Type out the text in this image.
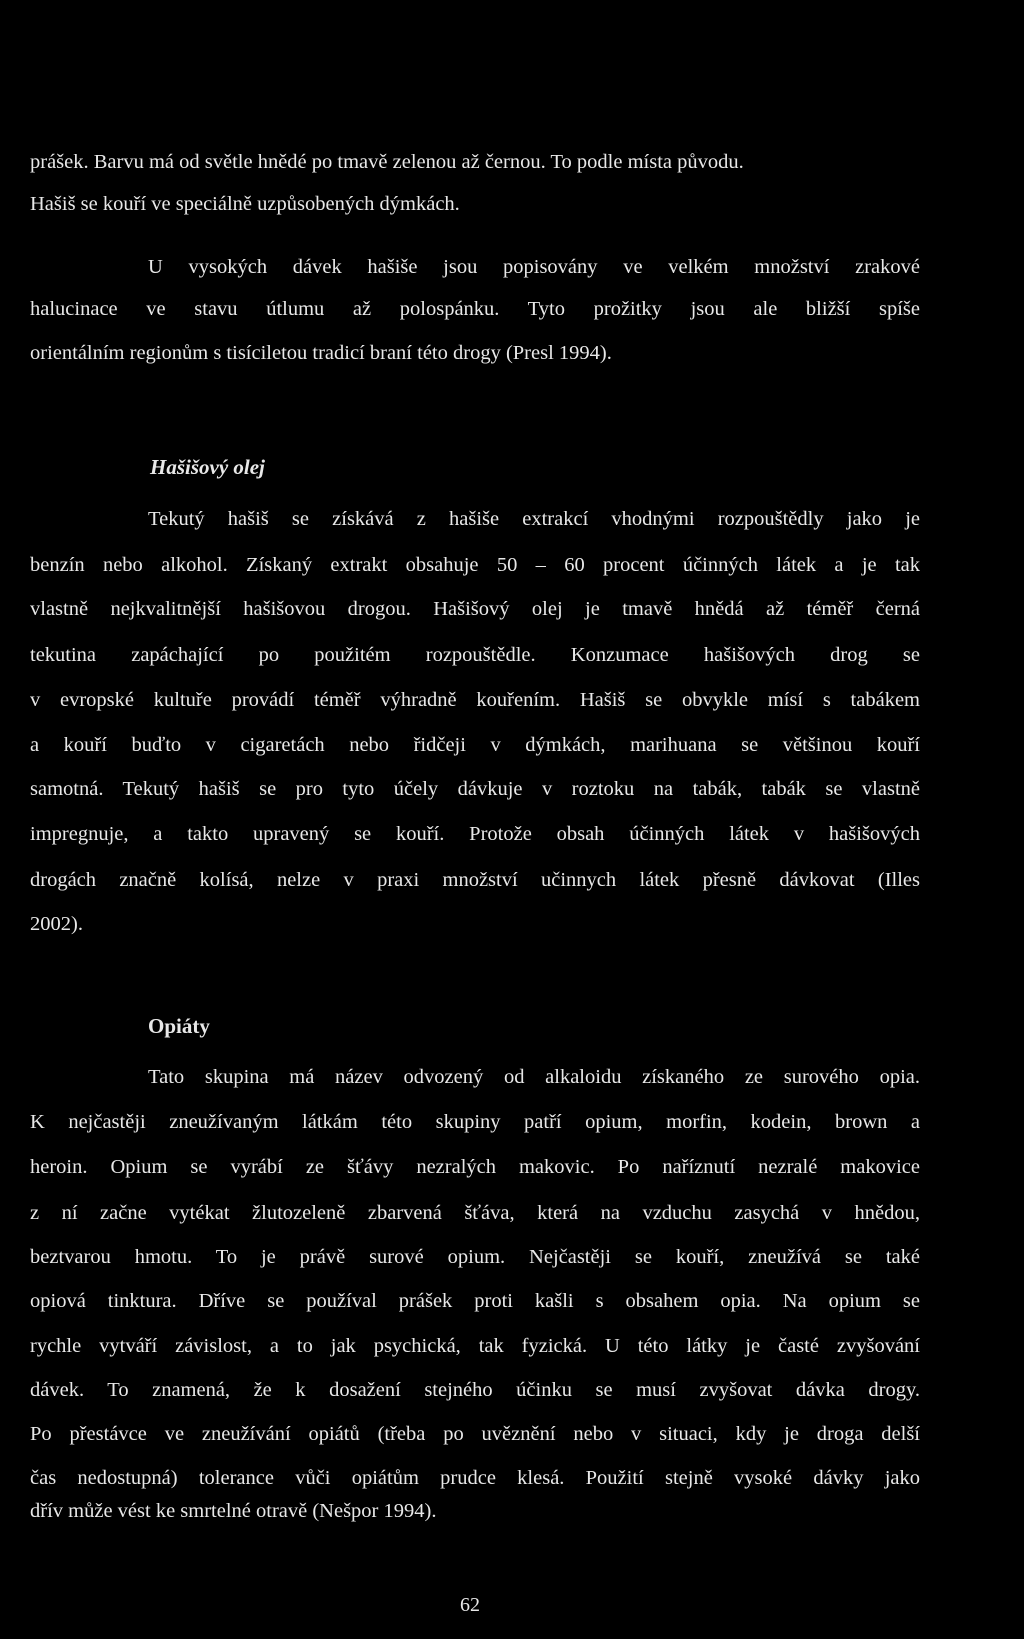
prášek. Barvu má od světle hnědé po tmavě zelenou až černou. To podle místa původu.
Hašiš se kouří ve speciálně uzpůsobených dýmkách.
U vysokých dávek hašiše jsou popisovány ve velkém množství zrakové
halucinace ve stavu útlumu až polospánku. Tyto prožitky jsou ale bližší spíše
orientálním regionům s tisíciletou tradicí braní této drogy (Presl 1994).
Hašišový olej
Tekutý hašiš se získává z hašiše extrakcí vhodnými rozpouštědly jako je
benzín nebo alkohol. Získaný extrakt obsahuje 50 – 60 procent účinných látek a je tak
vlastně nejkvalitnější hašišovou drogou. Hašišový olej je tmavě hnědá až téměř černá
tekutina zapáchající po použitém rozpouštědle. Konzumace hašišových drog se
v evropské kultuře provádí téměř výhradně kouřením. Hašiš se obvykle mísí s tabákem
a kouří buďto v cigaretách nebo řidčeji v dýmkách, marihuana se většinou kouří
samotná. Tekutý hašiš se pro tyto účely dávkuje v roztoku na tabák, tabák se vlastně
impregnuje, a takto upravený se kouří. Protože obsah účinných látek v hašišových
drogách značně kolísá, nelze v praxi množství učinnych látek přesně dávkovat (Illes
2002).
Opiáty
Tato skupina má název odvozený od alkaloidu získaného ze surového opia.
K nejčastěji zneužívaným látkám této skupiny patří opium, morfin, kodein, brown a
heroin. Opium se vyrábí ze šťávy nezralých makovic. Po naříznutí nezralé makovice
z ní začne vytékat žlutozeleně zbarvená šťáva, která na vzduchu zasychá v hnědou,
beztvarou hmotu. To je právě surové opium. Nejčastěji se kouří, zneužívá se také
opiová tinktura. Dříve se používal prášek proti kašli s obsahem opia. Na opium se
rychle vytváří závislost, a to jak psychická, tak fyzická. U této látky je časté zvyšování
dávek. To znamená, že k dosažení stejného účinku se musí zvyšovat dávka drogy.
Po přestávce ve zneužívání opiátů (třeba po uvěznění nebo v situaci, kdy je droga delší
čas nedostupná) tolerance vůči opiátům prudce klesá. Použití stejně vysoké dávky jako
dřív může vést ke smrtelné otravě (Nešpor 1994).
62
